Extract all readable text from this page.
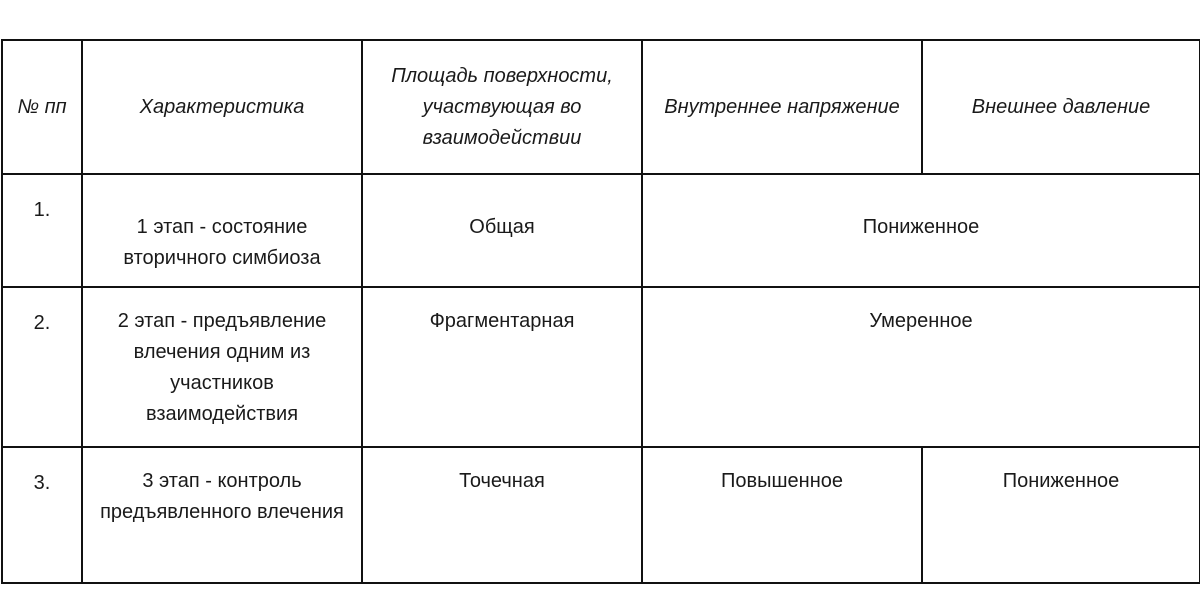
№ пп	Характеристика	Площадь поверхности, участвующая во взаимодействии	Внутреннее напряжение	Внешнее давление
1.	1 этап - состояние вторичного симбиоза	Общая	Пониженное	
2.	2 этап - предъявление влечения одним из участников взаимодействия	Фрагментарная	Умеренное	
3.	3 этап - контроль предъявленного влечения	Точечная	Повышенное	Пониженное
